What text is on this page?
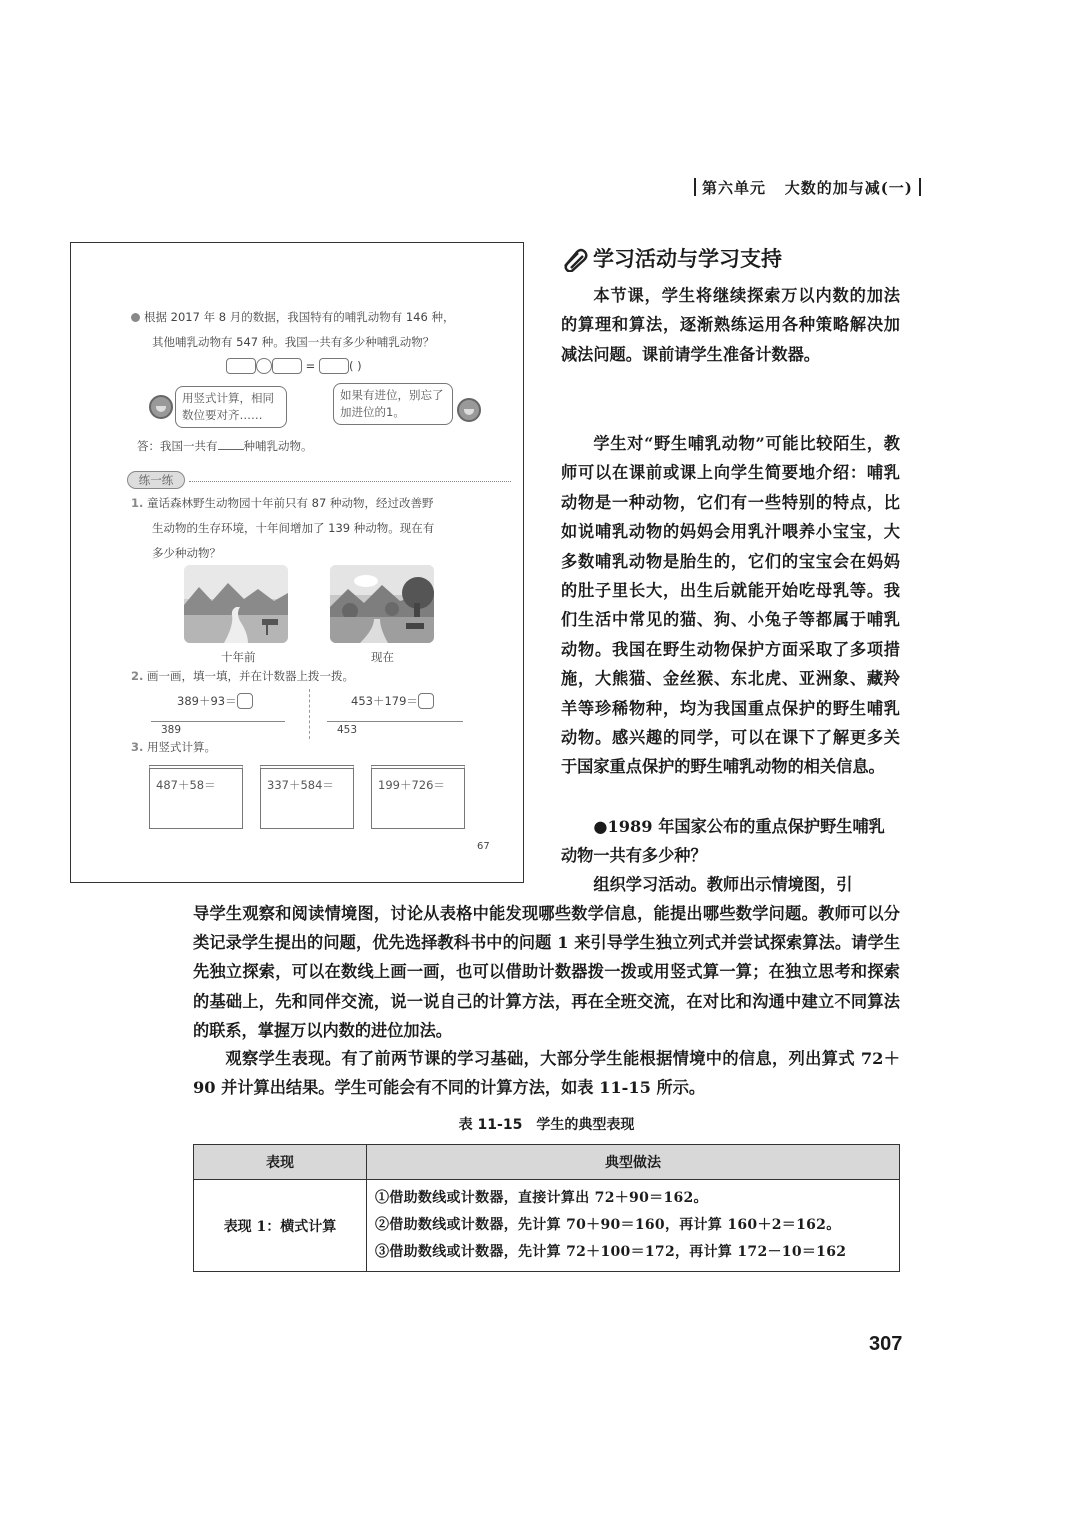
第六单元 大数的加与减(一)
根据 2017 年 8 月的数据，我国特有的哺乳动物有 146 种，
其他哺乳动物有 547 种。我国一共有多少种哺乳动物？
=	( )
用竖式计算，相同数位要对齐……
如果有进位，别忘了加进位的1。
答：我国一共有 种哺乳动物。
练一练
1. 童话森林野生动物园十年前只有 87 种动物，经过改善野
生动物的生存环境，十年间增加了 139 种动物。现在有
多少种动物？
十年前	现在
2. 画一画，填一填，并在计数器上拨一拨。
389＋93＝	453＋179＝
389	453
3. 用竖式计算。
487＋58＝	337＋584＝	199＋726＝
67
学习活动与学习支持
本节课，学生将继续探索万以内数的加法的算理和算法，逐渐熟练运用各种策略解决加减法问题。课前请学生准备计数器。
学生对“野生哺乳动物”可能比较陌生，教师可以在课前或课上向学生简要地介绍：哺乳动物是一种动物，它们有一些特别的特点，比如说哺乳动物的妈妈会用乳汁喂养小宝宝，大多数哺乳动物是胎生的，它们的宝宝会在妈妈的肚子里长大，出生后就能开始吃母乳等。我们生活中常见的猫、狗、小兔子等都属于哺乳动物。我国在野生动物保护方面采取了多项措施，大熊猫、金丝猴、东北虎、亚洲象、藏羚羊等珍稀物种，均为我国重点保护的野生哺乳动物。感兴趣的同学，可以在课下了解更多关于国家重点保护的野生哺乳动物的相关信息。
●1989 年国家公布的重点保护野生哺乳动物一共有多少种？
组织学习活动。教师出示情境图，引
导学生观察和阅读情境图，讨论从表格中能发现哪些数学信息，能提出哪些数学问题。教师可以分类记录学生提出的问题，优先选择教科书中的问题 1 来引导学生独立列式并尝试探索算法。请学生先独立探索，可以在数线上画一画，也可以借助计数器拨一拨或用竖式算一算；在独立思考和探索的基础上，先和同伴交流，说一说自己的计算方法，再在全班交流，在对比和沟通中建立不同算法的联系，掌握万以内数的进位加法。
观察学生表现。有了前两节课的学习基础，大部分学生能根据情境中的信息，列出算式 72＋90 并计算出结果。学生可能会有不同的计算方法，如表 11-15 所示。
表 11-15　学生的典型表现
表现	典型做法
表现 1：横式计算	①借助数线或计数器，直接计算出 72＋90＝162。
②借助数线或计数器，先计算 70＋90＝160，再计算 160＋2＝162。
③借助数线或计数器，先计算 72＋100＝172，再计算 172－10＝162
307
